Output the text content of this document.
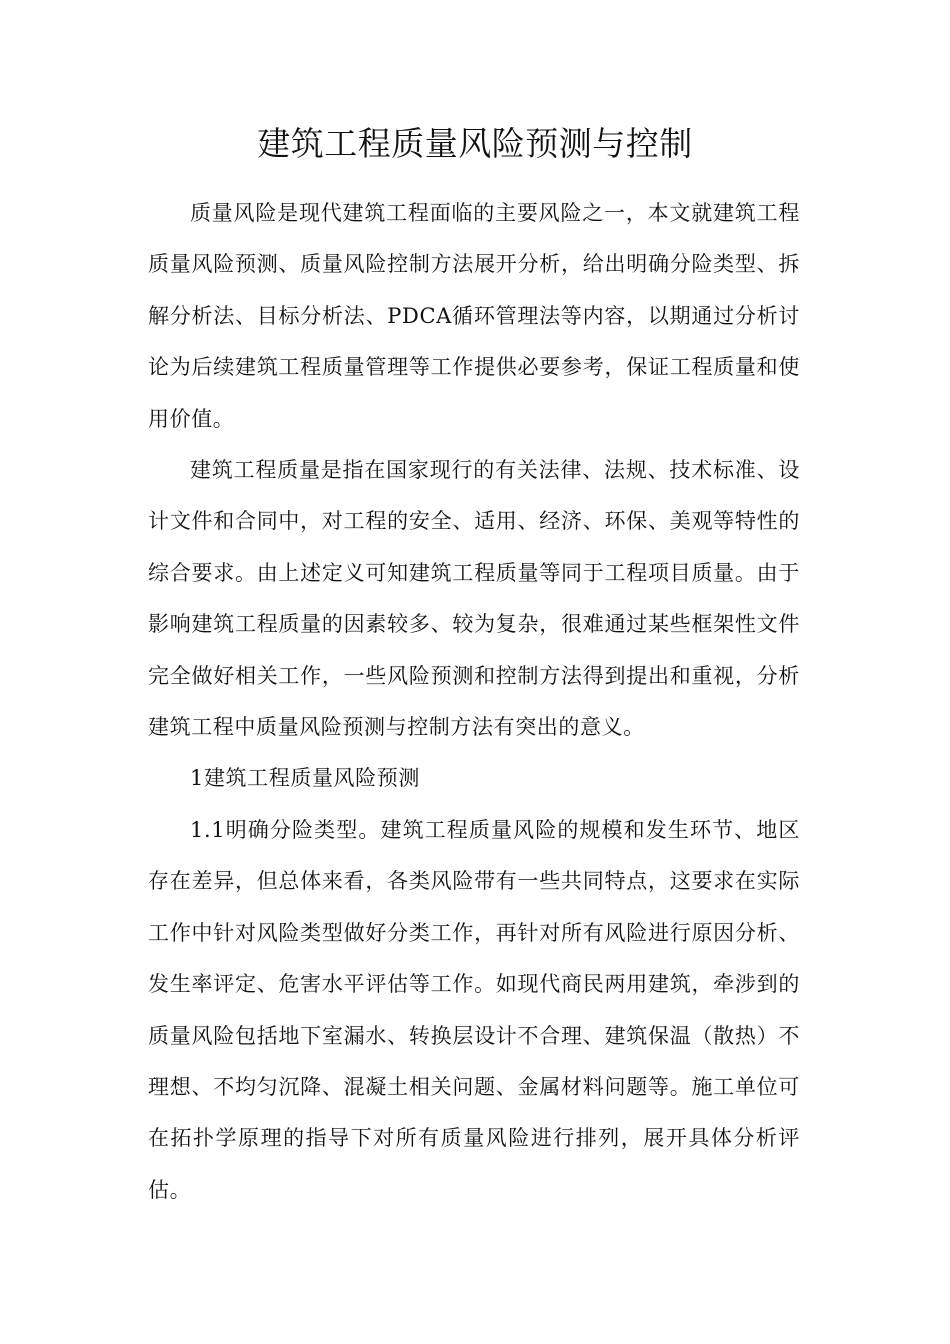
建筑工程质量风险预测与控制

质量风险是现代建筑工程面临的主要风险之一，本文就建筑工程质量风险预测、质量风险控制方法展开分析，给出明确分险类型、拆解分析法、目标分析法、PDCA循环管理法等内容，以期通过分析讨论为后续建筑工程质量管理等工作提供必要参考，保证工程质量和使用价值。

建筑工程质量是指在国家现行的有关法律、法规、技术标准、设计文件和合同中，对工程的安全、适用、经济、环保、美观等特性的综合要求。由上述定义可知建筑工程质量等同于工程项目质量。由于影响建筑工程质量的因素较多、较为复杂，很难通过某些框架性文件完全做好相关工作，一些风险预测和控制方法得到提出和重视，分析建筑工程中质量风险预测与控制方法有突出的意义。

1建筑工程质量风险预测

1.1明确分险类型。建筑工程质量风险的规模和发生环节、地区存在差异，但总体来看，各类风险带有一些共同特点，这要求在实际工作中针对风险类型做好分类工作，再针对所有风险进行原因分析、发生率评定、危害水平评估等工作。如现代商民两用建筑，牵涉到的质量风险包括地下室漏水、转换层设计不合理、建筑保温（散热）不理想、不均匀沉降、混凝土相关问题、金属材料问题等。施工单位可在拓扑学原理的指导下对所有质量风险进行排列，展开具体分析评估。
